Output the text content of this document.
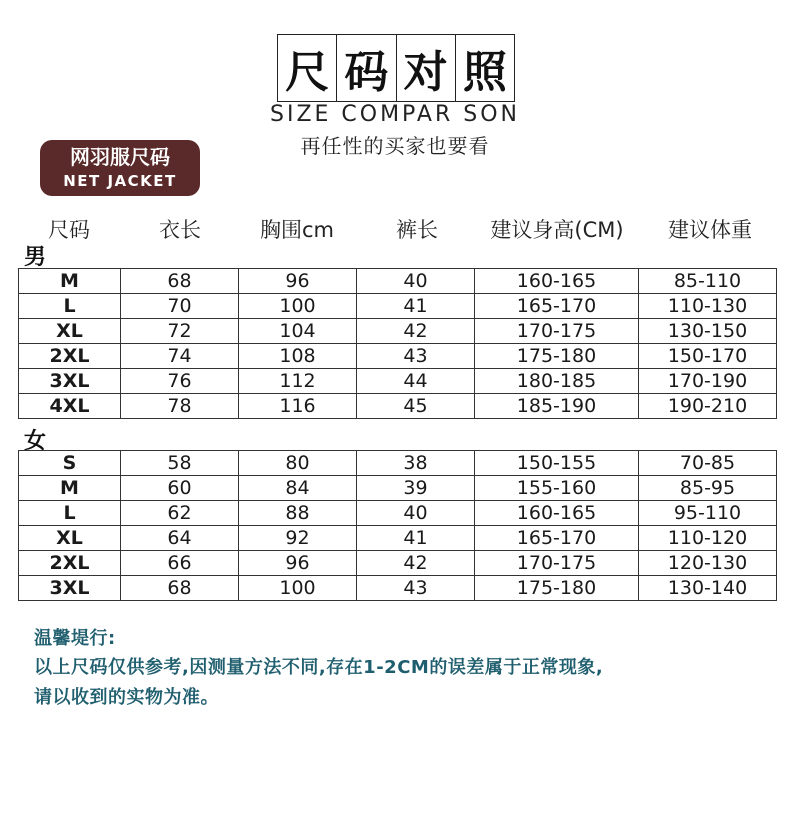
尺 码 对 照
SIZE COMPAR SON
再任性的买家也要看
网羽服尺码
NET JACKET
尺码	衣长	胸围cm	裤长 建议身高(CM) 建议体重
男
M	68	96	40	160-165	85-110
L	70	100	41	165-170	110-130
XL	72	104	42	170-175	130-150
2XL	74	108	43	175-180	150-170
3XL	76	112	44	180-185	170-190
4XL	78	116	45	185-190	190-210
女
S	58	80	38	150-155	70-85
M	60	84	39	155-160	85-95
L	62	88	40	160-165	95-110
XL	64	92	41	165-170	110-120
2XL	66	96	42	170-175	120-130
3XL	68	100	43	175-180	130-140
温馨堤行:
以上尺码仅供参考,因测量方法不同,存在1-2CM的误差属于正常现象,
请以收到的实物为准。
